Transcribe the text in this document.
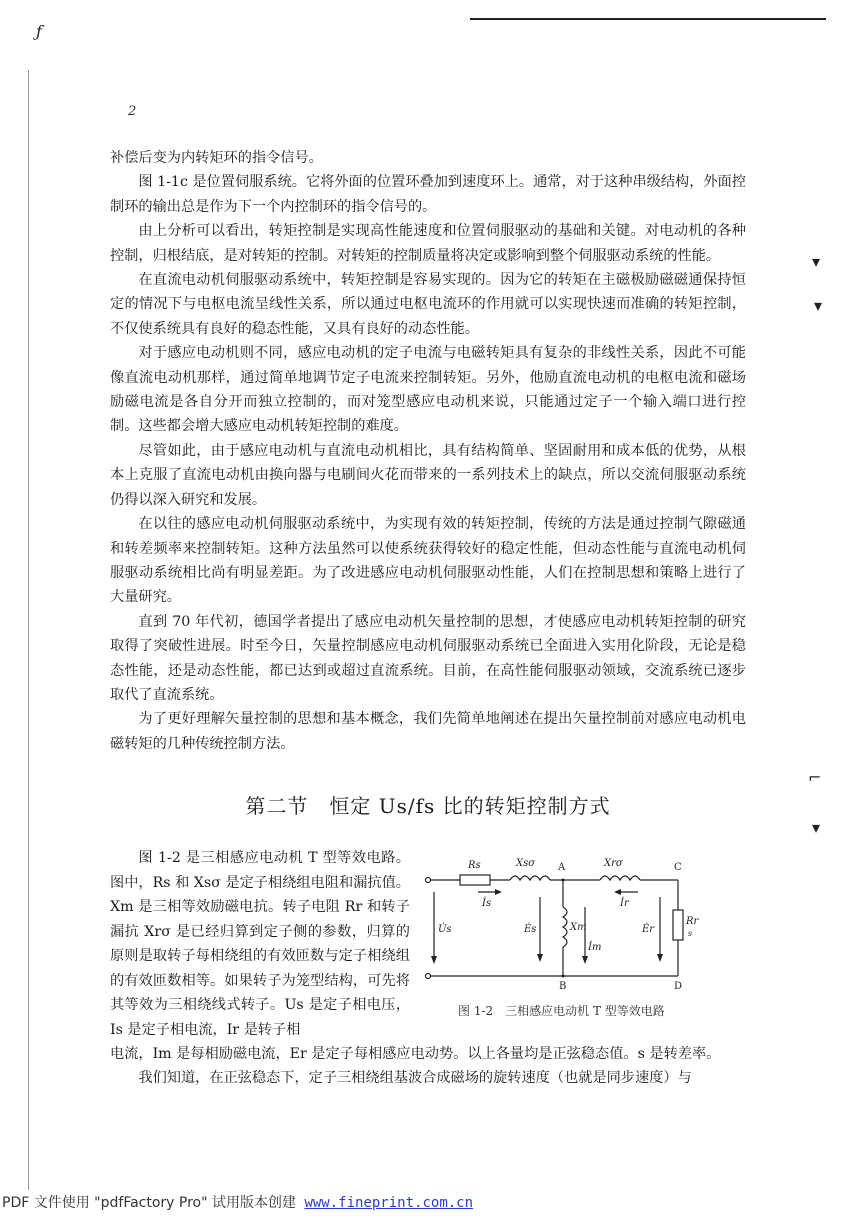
ƒ
▾
▾
⌐
▾
2

补偿后变为内转矩环的指令信号。

图 1-1c 是位置伺服系统。它将外面的位置环叠加到速度环上。通常，对于这种串级结构，外面控制环的输出总是作为下一个内控制环的指令信号的。

由上分析可以看出，转矩控制是实现高性能速度和位置伺服驱动的基础和关键。对电动机的各种控制，归根结底，是对转矩的控制。对转矩的控制质量将决定或影响到整个伺服驱动系统的性能。

在直流电动机伺服驱动系统中，转矩控制是容易实现的。因为它的转矩在主磁极励磁磁通保持恒定的情况下与电枢电流呈线性关系，所以通过电枢电流环的作用就可以实现快速而准确的转矩控制，不仅使系统具有良好的稳态性能，又具有良好的动态性能。

对于感应电动机则不同，感应电动机的定子电流与电磁转矩具有复杂的非线性关系，因此不可能像直流电动机那样，通过简单地调节定子电流来控制转矩。另外，他励直流电动机的电枢电流和磁场励磁电流是各自分开而独立控制的，而对笼型感应电动机来说，只能通过定子一个输入端口进行控制。这些都会增大感应电动机转矩控制的难度。

尽管如此，由于感应电动机与直流电动机相比，具有结构简单、坚固耐用和成本低的优势，从根本上克服了直流电动机由换向器与电刷间火花而带来的一系列技术上的缺点，所以交流伺服驱动系统仍得以深入研究和发展。

在以往的感应电动机伺服驱动系统中，为实现有效的转矩控制，传统的方法是通过控制气隙磁通和转差频率来控制转矩。这种方法虽然可以使系统获得较好的稳定性能，但动态性能与直流电动机伺服驱动系统相比尚有明显差距。为了改进感应电动机伺服驱动性能，人们在控制思想和策略上进行了大量研究。

直到 70 年代初，德国学者提出了感应电动机矢量控制的思想，才使感应电动机转矩控制的研究取得了突破性进展。时至今日，矢量控制感应电动机伺服驱动系统已全面进入实用化阶段，无论是稳态性能，还是动态性能，都已达到或超过直流系统。目前，在高性能伺服驱动领域，交流系统已逐步取代了直流系统。

为了更好理解矢量控制的思想和基本概念，我们先简单地阐述在提出矢量控制前对感应电动机电磁转矩的几种传统控制方法。

第二节　恒定 Us/fs 比的转矩控制方式

图 1-2 是三相感应电动机 T 型等效电路。图中，Rs 和 Xsσ 是定子相绕组电阻和漏抗值。Xm 是三相等效励磁电抗。转子电阻 Rr 和转子漏抗 Xrσ 是已经归算到定子侧的参数，归算的原则是取转子每相绕组的有效匝数与定子相绕组的有效匝数相等。如果转子为笼型结构，可先将其等效为三相绕线式转子。Us 是定子相电压，Is 是定子相电流，Ir 是转子相

Rs	Xsσ	Xrσ
A	C
B	D
İs	İr
U̇s	Ės	Xm
İm
Ėr
Rr
s
图 1-2　三相感应电动机 T 型等效电路

电流，Im 是每相励磁电流，Er 是定子每相感应电动势。以上各量均是正弦稳态值。s 是转差率。

我们知道，在正弦稳态下，定子三相绕组基波合成磁场的旋转速度（也就是同步速度）与

PDF 文件使用 "pdfFactory Pro" 试用版本创建 www.fineprint.com.cn
